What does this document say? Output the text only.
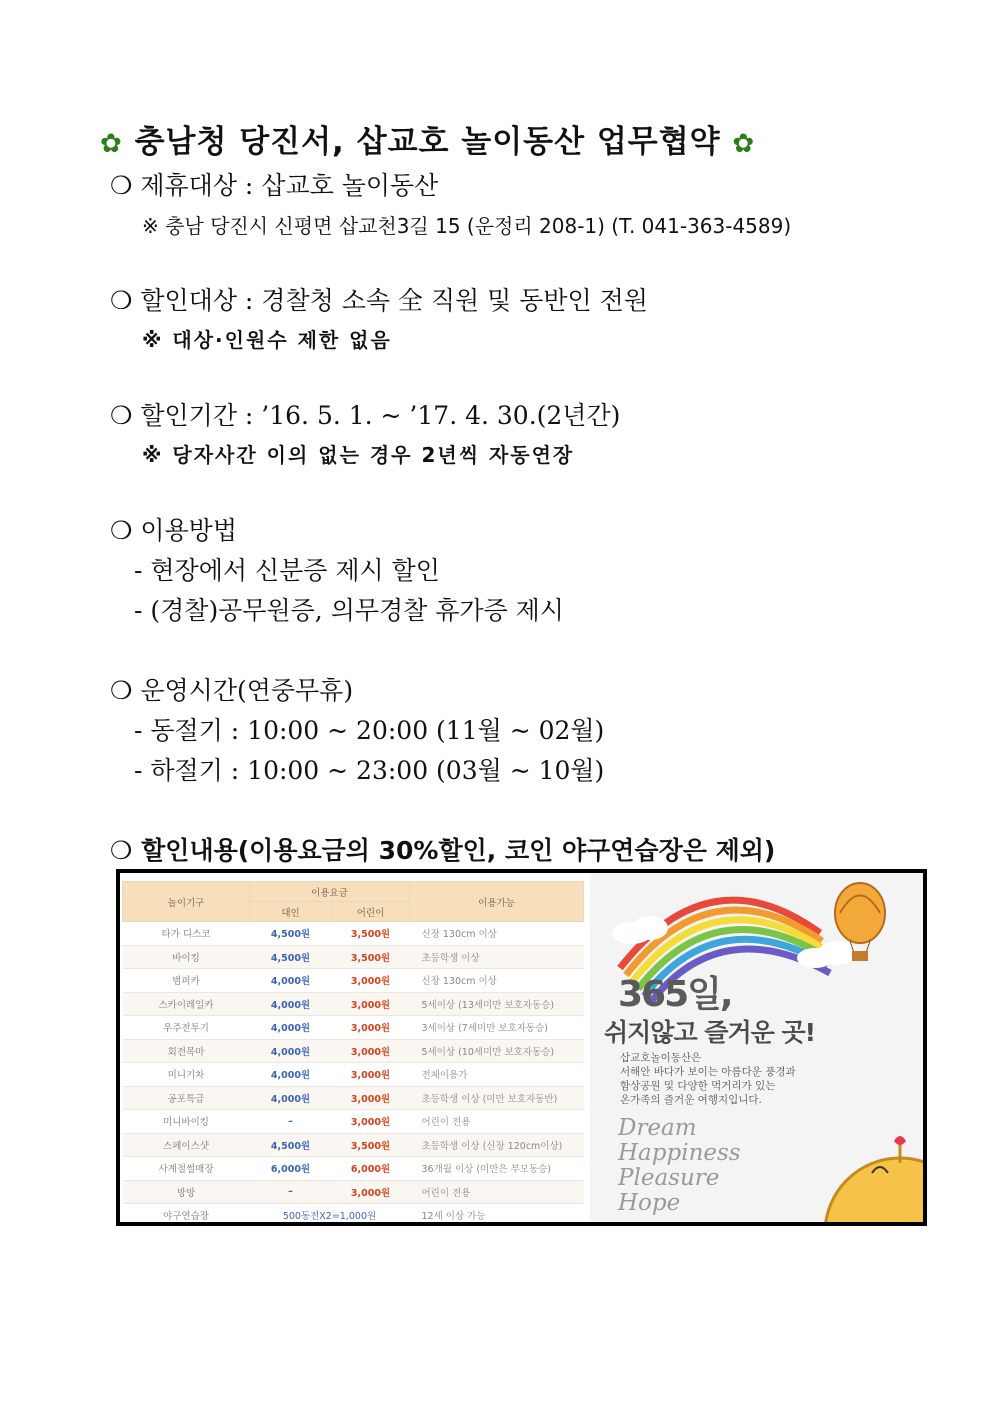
✿ 충남청 당진서, 삽교호 놀이동산 업무협약 ✿
❍ 제휴대상 : 삽교호 놀이동산
※ 충남 당진시 신평면 삽교천3길 15 (운정리 208-1) (T. 041-363-4589)
❍ 할인대상 : 경찰청 소속 全 직원 및 동반인 전원
※ 대상·인원수 제한 없음
❍ 할인기간 : ’16. 5. 1. ~ ’17. 4. 30.(2년간)
※ 당자사간 이의 없는 경우 2년씩 자동연장
❍ 이용방법
- 현장에서 신분증 제시 할인
- (경찰)공무원증, 의무경찰 휴가증 제시
❍ 운영시간(연중무휴)
- 동절기 : 10:00 ~ 20:00 (11월 ~ 02월)
- 하절기 : 10:00 ~ 23:00 (03월 ~ 10월)
❍ 할인내용(이용요금의 30%할인, 코인 야구연습장은 제외)
놀이기구	이용요금		이용가능
	대인	어린이	
타가 디스코	4,500원	3,500원	신장 130cm 이상
바이킹	4,500원	3,500원	초등학생 이상
범퍼카	4,000원	3,000원	신장 130cm 이상
스카이레일카	4,000원	3,000원	5세이상 (13세미만 보호자동승)
우주전투기	4,000원	3,000원	3세이상 (7세미만 보호자동승)
회전목마	4,000원	3,000원	5세이상 (10세미만 보호자동승)
미니기차	4,000원	3,000원	전체이용가
공포특급	4,000원	3,000원	초등학생 이상 (미만 보호자동반)
미니바이킹	–	3,000원	어린이 전용
스페이스샷	4,500원	3,500원	초등학생 이상 (신장 120cm이상)
사계절썰매장	6,000원	6,000원	36개월 이상 (미만은 부모동승)
방방	–	3,000원	어린이 전용
야구연습장	500동전X2=1,000원		12세 이상 가능
365일,
쉬지않고 즐거운 곳!
삽교호놀이동산은
서해안 바다가 보이는 아름다운 풍경과
함상공원 및 다양한 먹거리가 있는
온가족의 즐거운 여행지입니다.
Dream
Happiness
Pleasure
Hope
